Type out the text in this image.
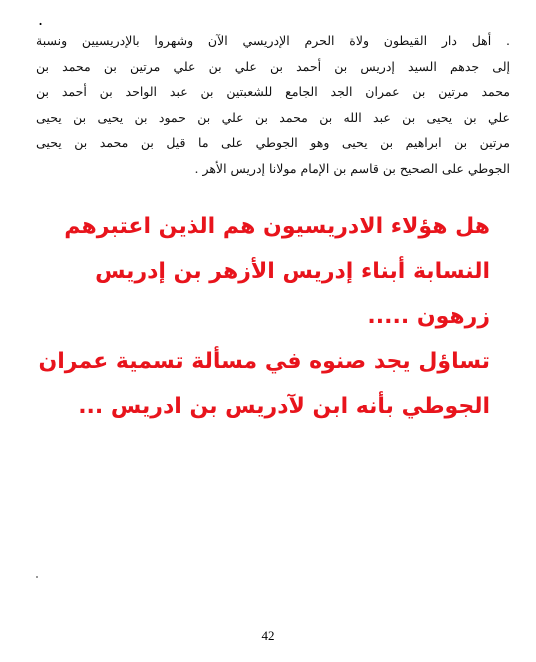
.
. أهل دار القيطون ولاة الحرم الإدريسي الآن وشهروا بالإدريسيين ونسبة
إلى جدهم السيد إدريس بن أحمد بن علي بن علي مرتين بن محمد بن
محمد مرتين بن عمران الجد الجامع للشعبتين بن عبد الواحد بن أحمد بن
علي بن يحيى بن عبد الله بن محمد بن علي بن حمود بن يحيى بن يحيى
مرتين بن ابراهيم بن يحيى وهو الجوطي على ما قيل بن محمد بن يحيى
الجوطي على الصحيح بن قاسم بن الإمام مولانا إدريس الأهر .
هل هؤلاء الادريسيون هم الذين اعتبرهم
النسابة أبناء إدريس الأزهر بن إدريس
زرهون .....
تساؤل يجد صنوه في مسألة تسمية عمران
الجوطي بأنه ابن لآدريس بن ادريس ...
42
